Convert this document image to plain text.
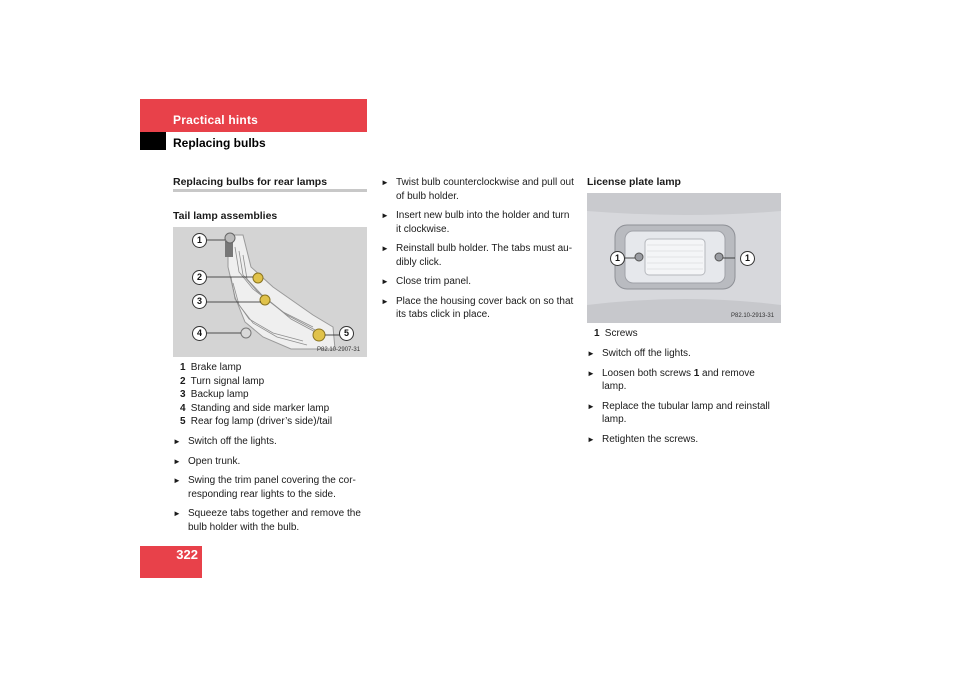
Practical hints
Replacing bulbs
Replacing bulbs for rear lamps
Tail lamp assemblies
1
2
3
4	5
P82.10-2907-31
1 Brake lamp
2 Turn signal lamp
3 Backup lamp
4 Standing and side marker lamp
5 Rear fog lamp (driver’s side)/tail
► Switch off the lights.
► Open trunk.
► Swing the trim panel covering the cor-responding rear lights to the side.
► Squeeze tabs together and remove the bulb holder with the bulb.
► Twist bulb counterclockwise and pull out of bulb holder.
► Insert new bulb into the holder and turn it clockwise.
► Reinstall bulb holder. The tabs must au-dibly click.
► Close trim panel.
► Place the housing cover back on so that its tabs click in place.
License plate lamp
1	1
P82.10-2913-31
1 Screws
► Switch off the lights.
► Loosen both screws 1 and remove lamp.
► Replace the tubular lamp and reinstall lamp.
► Retighten the screws.
322
